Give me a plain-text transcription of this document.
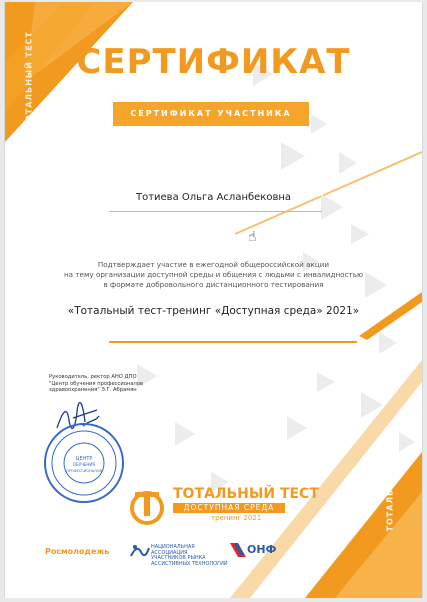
ТОТАЛЬНЫЙ ТЕСТ
ТОТАЛЬНЫЙ ТЕСТ
СЕРТИФИКАТ
СЕРТИФИКАТ УЧАСТНИКА
Тотиева Ольга Асланбековна
☝
Подтверждает участие в ежегодной общероссийской акции
на тему организации доступной среды и общения с людьми с инвалидностью
в формате добровольного дистанционного тестирования
«Тотальный тест-тренинг «Доступная среда» 2021»
Руководитель, ректор АНО ДПО
"Центр обучения профессионалов
здравоохранения" Э.Г. Абрамян
ЦЕНТР
ОБУЧЕНИЯ
ПРОФЕССИОНАЛОВ
ТОТАЛЬНЫЙ ТЕСТ
ДОСТУПНАЯ СРЕДА
тренинг 2021
Росмолодежь	НАЦИОНАЛЬНАЯ АССОЦИАЦИЯ
УЧАСТНИКОВ РЫНКА
АССИСТИВНЫХ ТЕХНОЛОГИЙ
ОНФ
